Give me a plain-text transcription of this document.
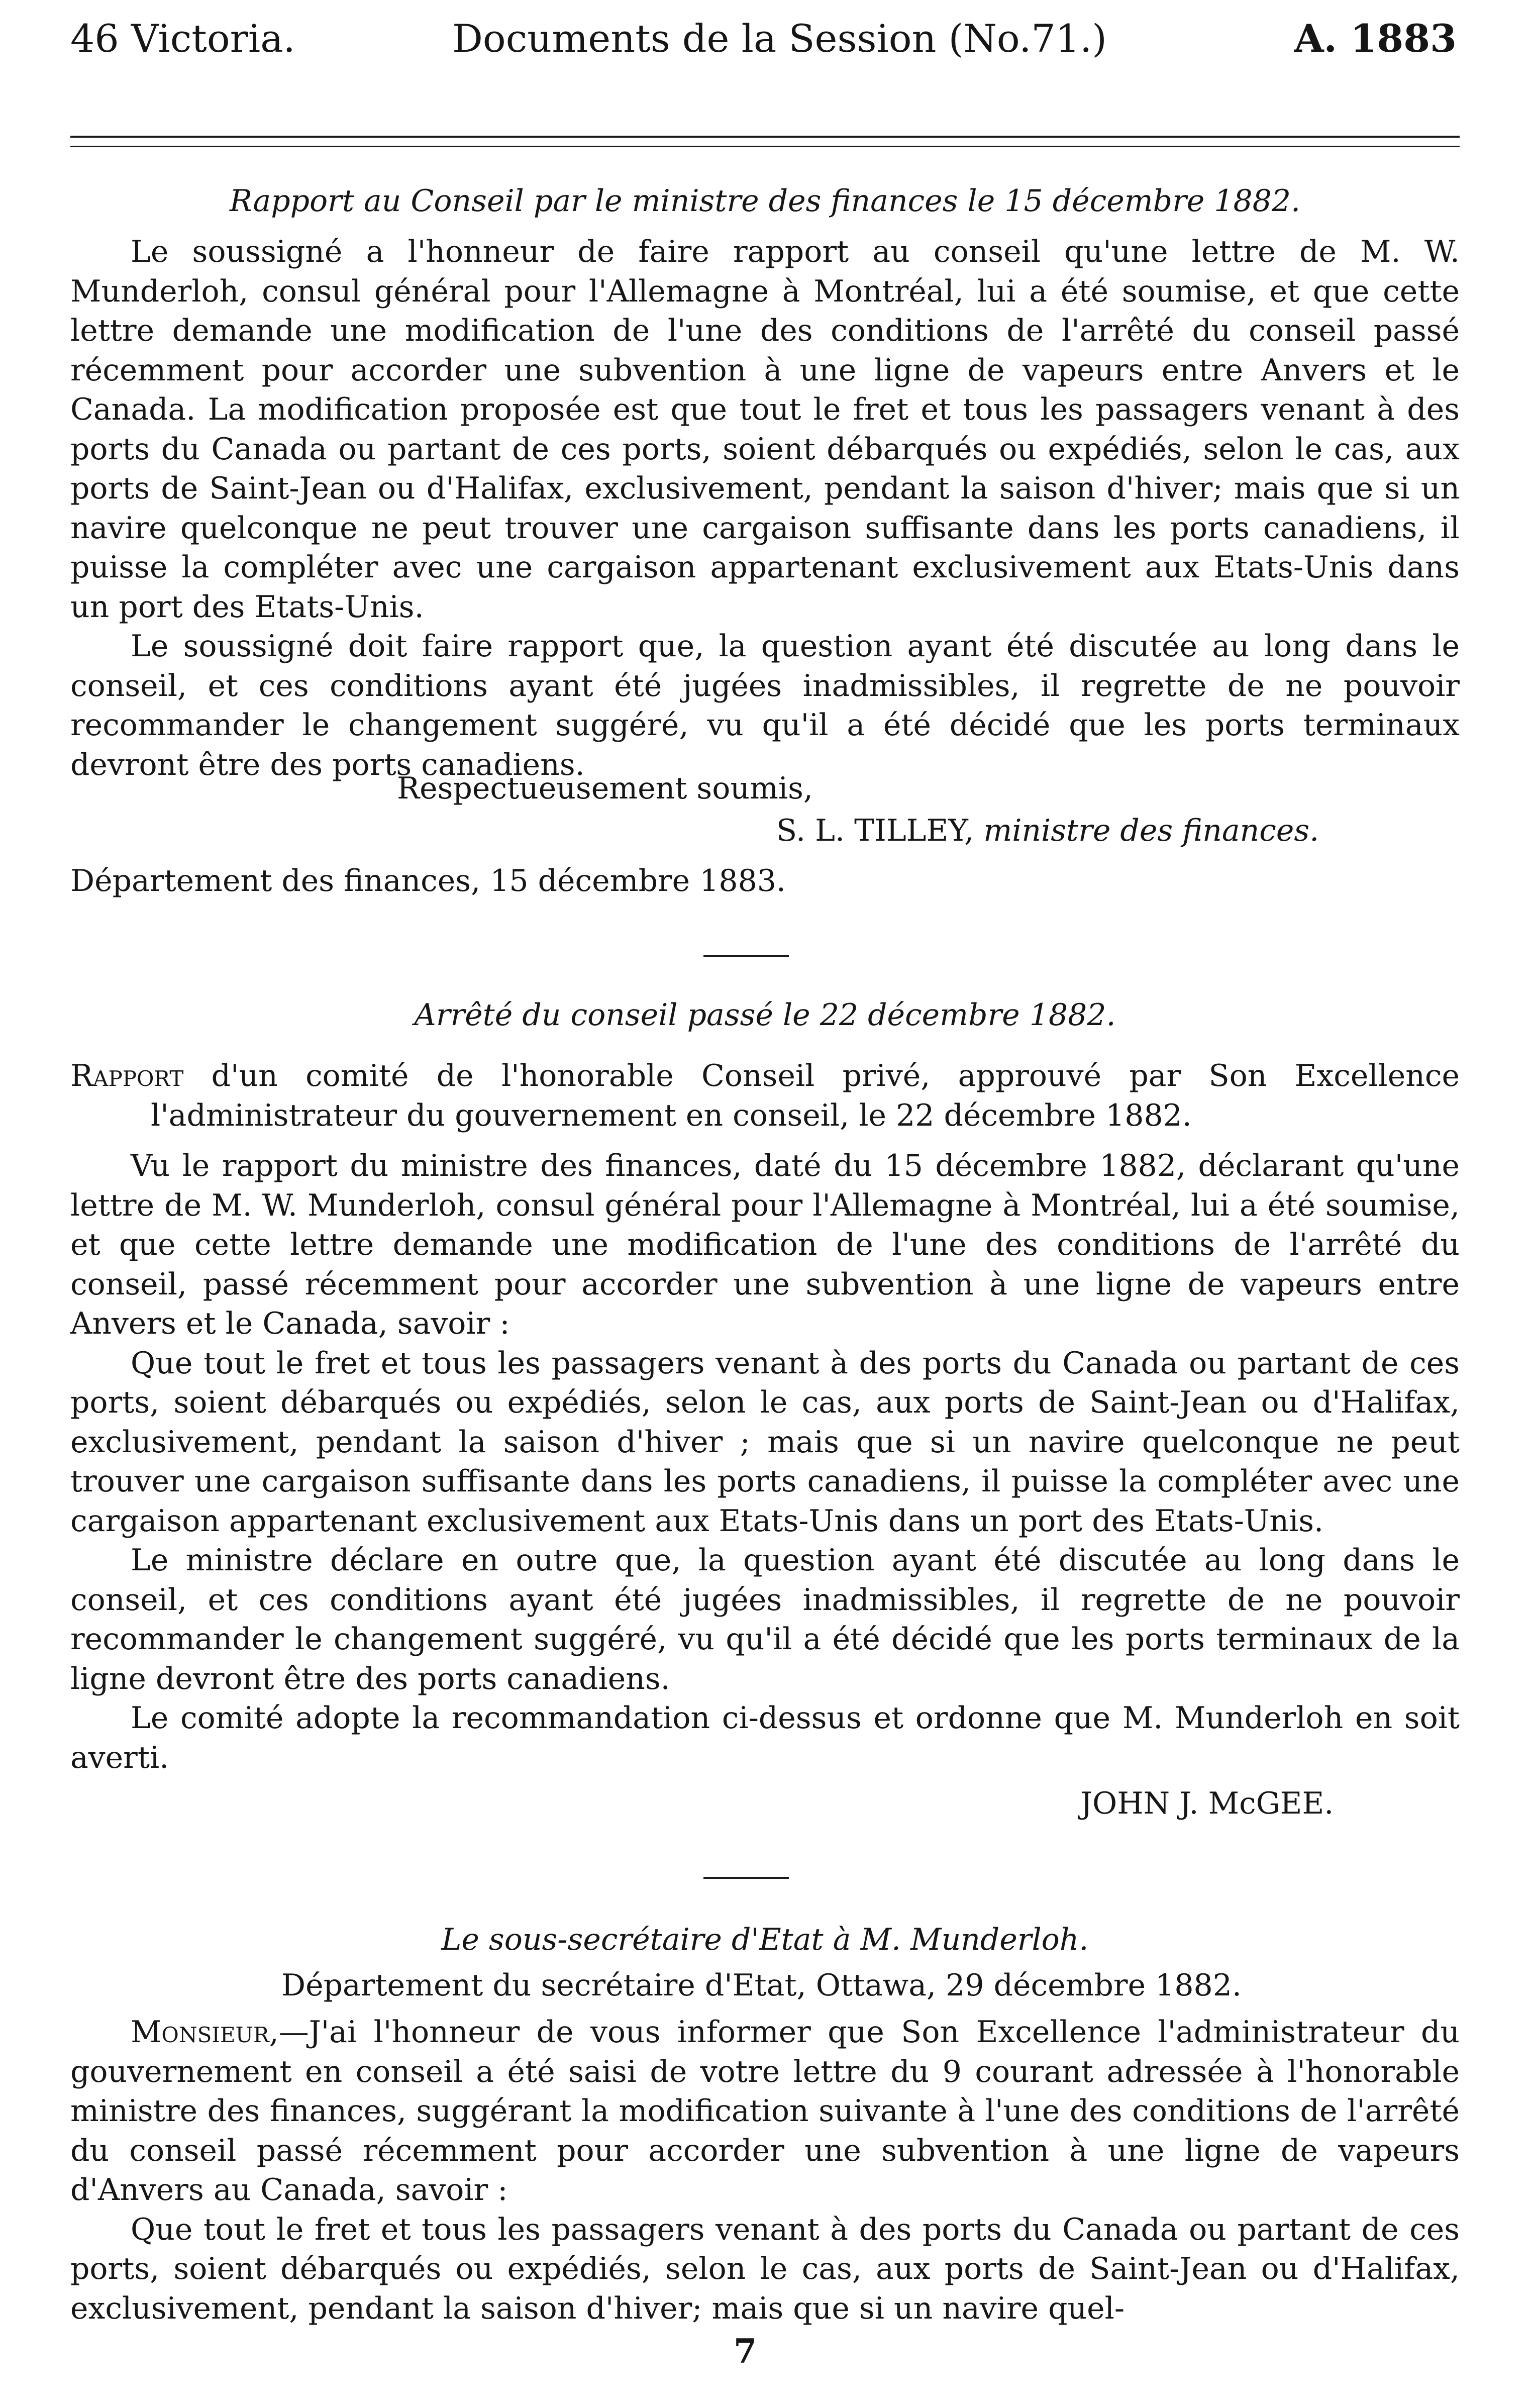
46 Victoria.	Documents de la Session (No.71.)	A. 1883
Rapport au Conseil par le ministre des finances le 15 décembre 1882.

Le soussigné a l'honneur de faire rapport au conseil qu'une lettre de M. W. Munderloh, consul général pour l'Allemagne à Montréal, lui a été soumise, et que cette lettre demande une modification de l'une des conditions de l'arrêté du conseil passé récemment pour accorder une subvention à une ligne de vapeurs entre Anvers et le Canada. La modification proposée est que tout le fret et tous les passagers venant à des ports du Canada ou partant de ces ports, soient débarqués ou expédiés, selon le cas, aux ports de Saint-Jean ou d'Halifax, exclusivement, pendant la saison d'hiver; mais que si un navire quelconque ne peut trouver une cargaison suffisante dans les ports canadiens, il puisse la compléter avec une cargaison appartenant exclusivement aux Etats-Unis dans un port des Etats-Unis.

Le soussigné doit faire rapport que, la question ayant été discutée au long dans le conseil, et ces conditions ayant été jugées inadmissibles, il regrette de ne pouvoir recommander le changement suggéré, vu qu'il a été décidé que les ports terminaux devront être des ports canadiens.

Respectueusement soumis,
S. L. TILLEY, ministre des finances.
Département des finances, 15 décembre 1883.
Arrêté du conseil passé le 22 décembre 1882.

Rapport d'un comité de l'honorable Conseil privé, approuvé par Son Excellence l'administrateur du gouvernement en conseil, le 22 décembre 1882.

Vu le rapport du ministre des finances, daté du 15 décembre 1882, déclarant qu'une lettre de M. W. Munderloh, consul général pour l'Allemagne à Montréal, lui a été soumise, et que cette lettre demande une modification de l'une des conditions de l'arrêté du conseil, passé récemment pour accorder une subvention à une ligne de vapeurs entre Anvers et le Canada, savoir :

Que tout le fret et tous les passagers venant à des ports du Canada ou partant de ces ports, soient débarqués ou expédiés, selon le cas, aux ports de Saint-Jean ou d'Halifax, exclusivement, pendant la saison d'hiver ; mais que si un navire quelconque ne peut trouver une cargaison suffisante dans les ports canadiens, il puisse la compléter avec une cargaison appartenant exclusivement aux Etats-Unis dans un port des Etats-Unis.

Le ministre déclare en outre que, la question ayant été discutée au long dans le conseil, et ces conditions ayant été jugées inadmissibles, il regrette de ne pouvoir recommander le changement suggéré, vu qu'il a été décidé que les ports terminaux de la ligne devront être des ports canadiens.

Le comité adopte la recommandation ci-dessus et ordonne que M. Munderloh en soit averti.

JOHN J. McGEE.
Le sous-secrétaire d'Etat à M. Munderloh.
Département du secrétaire d'Etat, Ottawa, 29 décembre 1882.

Monsieur,—J'ai l'honneur de vous informer que Son Excellence l'administrateur du gouvernement en conseil a été saisi de votre lettre du 9 courant adressée à l'honorable ministre des finances, suggérant la modification suivante à l'une des conditions de l'arrêté du conseil passé récemment pour accorder une subvention à une ligne de vapeurs d'Anvers au Canada, savoir :

Que tout le fret et tous les passagers venant à des ports du Canada ou partant de ces ports, soient débarqués ou expédiés, selon le cas, aux ports de Saint-Jean ou d'Halifax, exclusivement, pendant la saison d'hiver; mais que si un navire quel-

7
